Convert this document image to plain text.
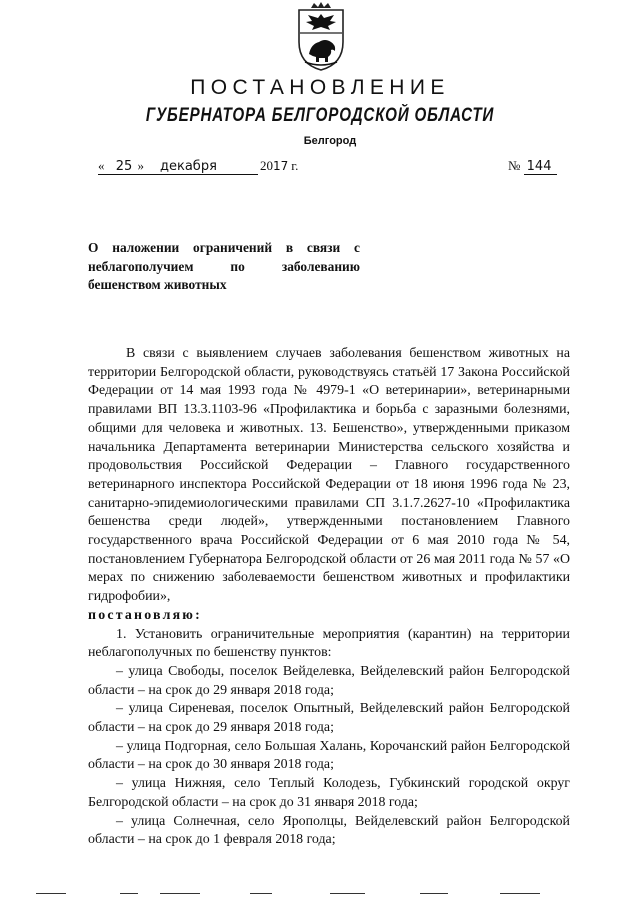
ПОСТАНОВЛЕНИЕ
ГУБЕРНАТОРА БЕЛГОРОДСКОЙ ОБЛАСТИ
Белгород
« 25 » декабря	2017 г.	№ 144
О наложении ограничений в связи с неблагополучием по заболеванию бешенством животных

В связи с выявлением случаев заболевания бешенством животных на территории Белгородской области, руководствуясь статьёй 17 Закона Российской Федерации от 14 мая 1993 года № 4979-1 «О ветеринарии», ветеринарными правилами ВП 13.3.1103-96 «Профилактика и борьба с заразными болезнями, общими для человека и животных. 13. Бешенство», утвержденными приказом начальника Департамента ветеринарии Министерства сельского хозяйства и продовольствия Российской Федерации – Главного государственного ветеринарного инспектора Российской Федерации от 18 июня 1996 года № 23, санитарно-эпидемиологическими правилами СП 3.1.7.2627-10 «Профилактика бешенства среди людей», утвержденными постановлением Главного государственного врача Российской Федерации от 6 мая 2010 года № 54, постановлением Губернатора Белгородской области от 26 мая 2011 года № 57 «О мерах по снижению заболеваемости бешенством животных и профилактики гидрофобии»,

постановляю:

1. Установить ограничительные мероприятия (карантин) на территории неблагополучных по бешенству пунктов:

– улица Свободы, поселок Вейделевка, Вейделевский район Белгородской области – на срок до 29 января 2018 года;

– улица Сиреневая, поселок Опытный, Вейделевский район Белгородской области – на срок до 29 января 2018 года;

– улица Подгорная, село Большая Халань, Корочанский район Белгородской области – на срок до 30 января 2018 года;

– улица Нижняя, село Теплый Колодезь, Губкинский городской округ Белгородской области – на срок до 31 января 2018 года;

– улица Солнечная, село Ярополцы, Вейделевский район Белгородской области – на срок до 1 февраля 2018 года;
